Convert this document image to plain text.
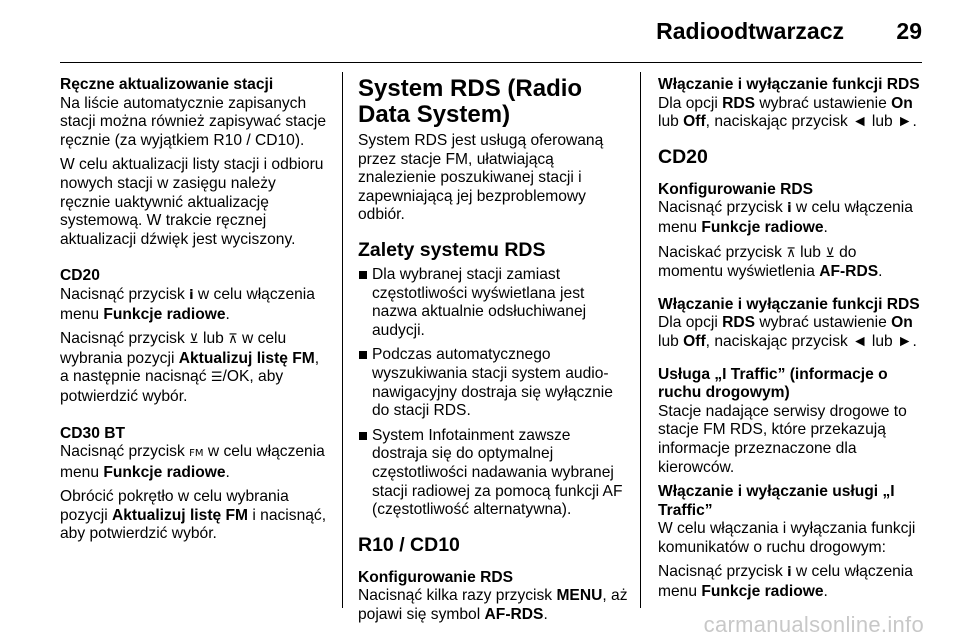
Radioodtwarzacz 29
Ręczne aktualizowanie stacji

Na liście automatycznie zapisanych stacji można również zapisywać stacje ręcznie (za wyjątkiem R10 / CD10).

W celu aktualizacji listy stacji i odbioru nowych stacji w zasięgu należy ręcznie uaktywnić aktualizację systemową. W trakcie ręcznej aktualizacji dźwięk jest wyciszony.

CD20

Nacisnąć przycisk i w celu włączenia menu Funkcje radiowe.

Nacisnąć przycisk ⊻ lub ⊼ w celu wybrania pozycji Aktualizuj listę FM, a następnie nacisnąć ☰/OK, aby potwierdzić wybór.

CD30 BT

Nacisnąć przycisk FM w celu włączenia menu Funkcje radiowe.

Obrócić pokrętło w celu wybrania pozycji Aktualizuj listę FM i nacisnąć, aby potwierdzić wybór.

System RDS (Radio Data System)

System RDS jest usługą oferowaną przez stacje FM, ułatwiającą znalezienie poszukiwanej stacji i zapewniającą jej bezproblemowy odbiór.

Zalety systemu RDS
Dla wybranej stacji zamiast częstotliwości wyświetlana jest nazwa aktualnie odsłuchiwanej audycji.
Podczas automatycznego wyszukiwania stacji system audio-nawigacyjny dostraja się wyłącznie do stacji RDS.
System Infotainment zawsze dostraja się do optymalnej częstotliwości nadawania wybranej stacji radiowej za pomocą funkcji AF (częstotliwość alternatywna).
R10 / CD10
Konfigurowanie RDS

Nacisnąć kilka razy przycisk MENU, aż pojawi się symbol AF-RDS.

Włączanie i wyłączanie funkcji RDS

Dla opcji RDS wybrać ustawienie On lub Off, naciskając przycisk ◄ lub ►.

CD20
Konfigurowanie RDS

Nacisnąć przycisk i w celu włączenia menu Funkcje radiowe.

Naciskać przycisk ⊼ lub ⊻ do momentu wyświetlenia AF-RDS.

Włączanie i wyłączanie funkcji RDS

Dla opcji RDS wybrać ustawienie On lub Off, naciskając przycisk ◄ lub ►.

Usługa „I Traffic” (informacje o ruchu drogowym)

Stacje nadające serwisy drogowe to stacje FM RDS, które przekazują informacje przeznaczone dla kierowców.

Włączanie i wyłączanie usługi „I Traffic”

W celu włączania i wyłączania funkcji komunikatów o ruchu drogowym:

Nacisnąć przycisk i w celu włączenia menu Funkcje radiowe.

carmanualsonline.info
